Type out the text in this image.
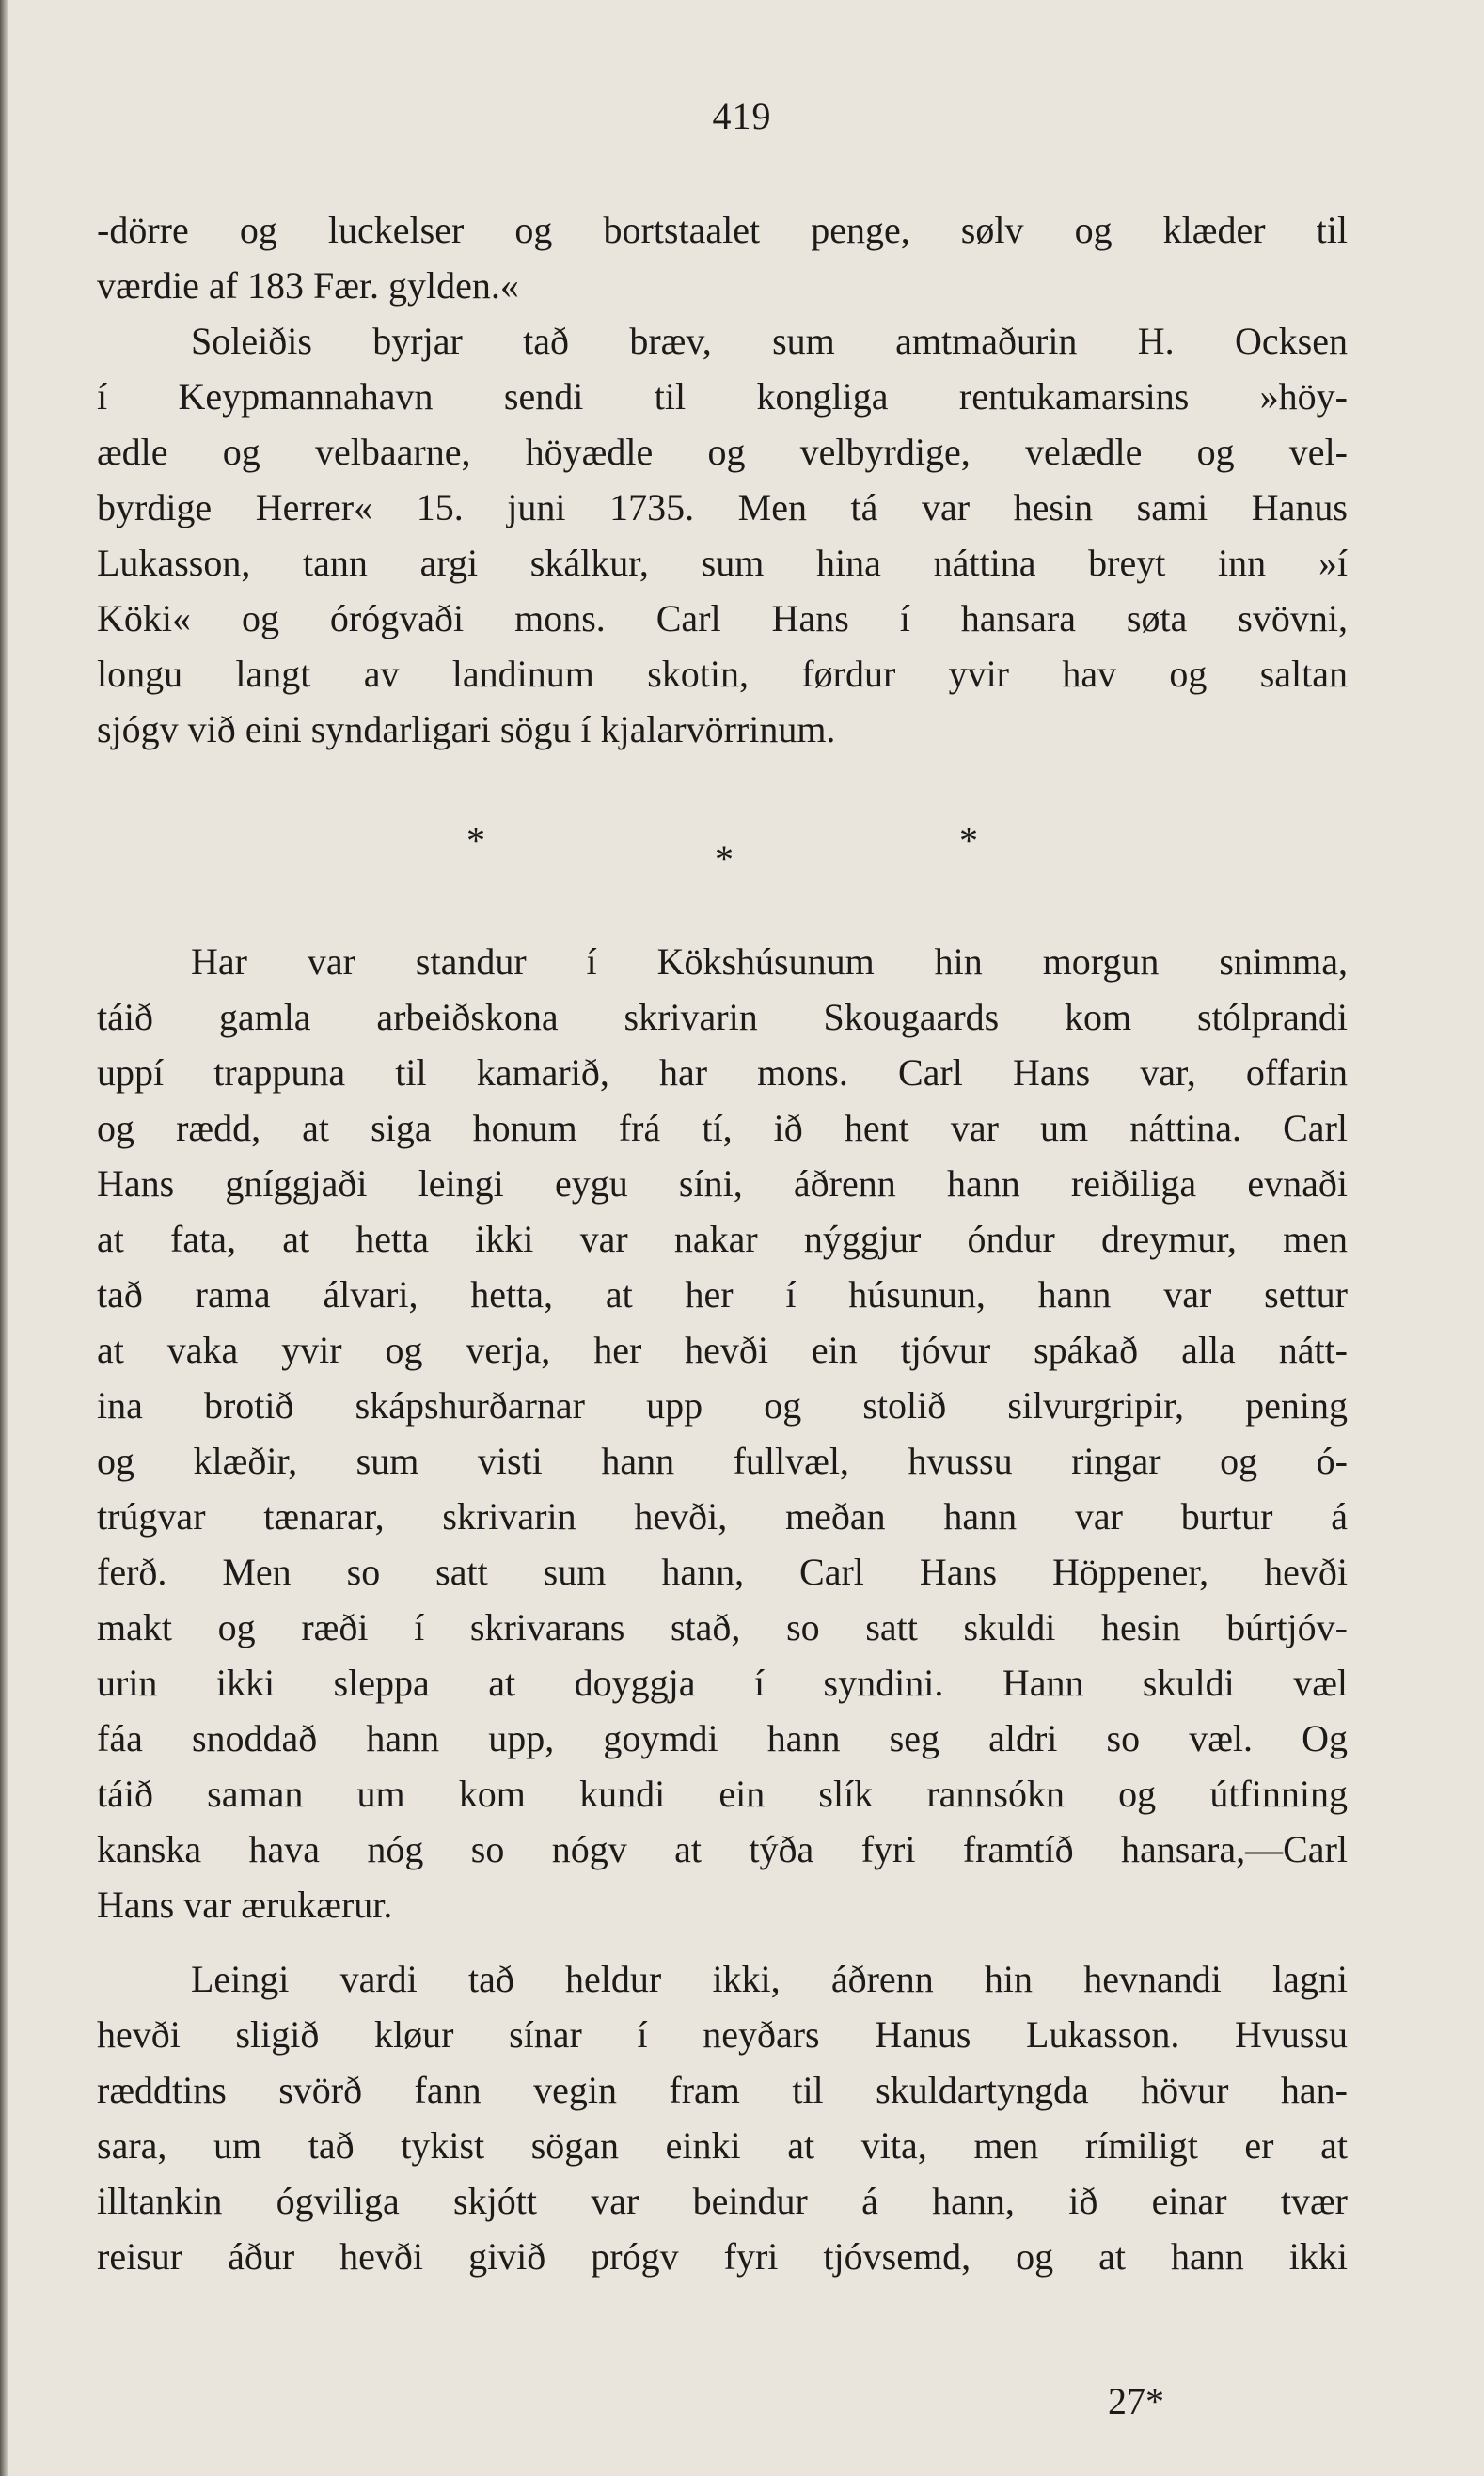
419
-dörre og luckelser og bortstaalet penge, sølv og klæder til
værdie af 183 Fær. gylden.«
Soleiðis byrjar tað bræv, sum amtmaðurin H. Ocksen
í Keypmannahavn sendi til kongliga rentukamarsins »höy-
ædle og velbaarne, höyædle og velbyrdige, velædle og vel-
byrdige Herrer« 15. juni 1735. Men tá var hesin sami Hanus
Lukasson, tann argi skálkur, sum hina náttina breyt inn »í
Köki« og órógvaði mons. Carl Hans í hansara søta svövni,
longu langt av landinum skotin, førdur yvir hav og saltan
sjógv við eini syndarligari sögu í kjalarvörrinum.
*	*	*
Har var standur í Kökshúsunum hin morgun snimma,
táið gamla arbeiðskona skrivarin Skougaards kom stólprandi
uppí trappuna til kamarið, har mons. Carl Hans var, offarin
og rædd, at siga honum frá tí, ið hent var um náttina. Carl
Hans gníggjaði leingi eygu síni, áðrenn hann reiðiliga evnaði
at fata, at hetta ikki var nakar nýggjur óndur dreymur, men
tað rama álvari, hetta, at her í húsunun, hann var settur
at vaka yvir og verja, her hevði ein tjóvur spákað alla nátt-
ina brotið skápshurðarnar upp og stolið silvurgripir, pening
og klæðir, sum visti hann fullvæl, hvussu ringar og ó-
trúgvar tænarar, skrivarin hevði, meðan hann var burtur á
ferð. Men so satt sum hann, Carl Hans Höppener, hevði
makt og ræði í skrivarans stað, so satt skuldi hesin búrtjóv-
urin ikki sleppa at doyggja í syndini. Hann skuldi væl
fáa snoddað hann upp, goymdi hann seg aldri so væl. Og
táið saman um kom kundi ein slík rannsókn og útfinning
kanska hava nóg so nógv at týða fyri framtíð hansara,—Carl
Hans var ærukærur.
Leingi vardi tað heldur ikki, áðrenn hin hevnandi lagni
hevði sligið kløur sínar í neyðars Hanus Lukasson. Hvussu
ræddtins svörð fann vegin fram til skuldartyngda hövur han-
sara, um tað tykist sögan einki at vita, men rímiligt er at
illtankin ógviliga skjótt var beindur á hann, ið einar tvær
reisur áður hevði givið prógv fyri tjóvsemd, og at hann ikki
27*
